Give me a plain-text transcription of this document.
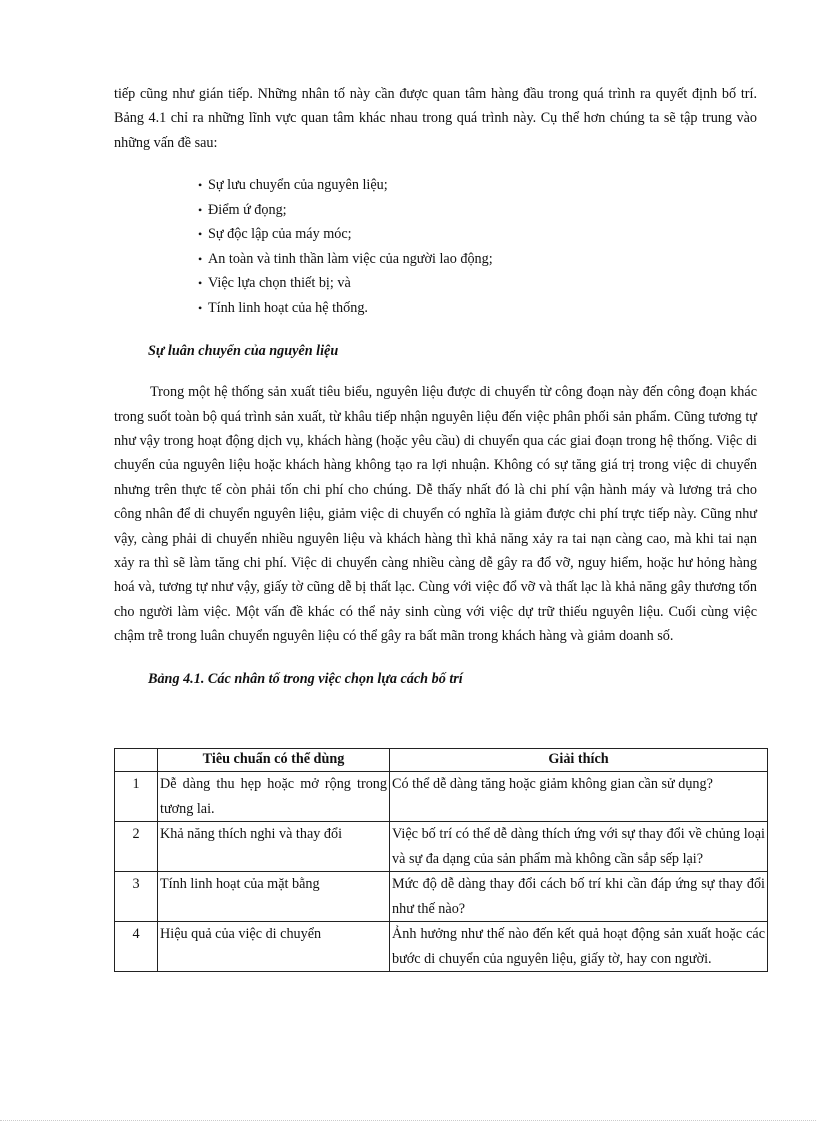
tiếp cũng như gián tiếp. Những nhân tố này cần được quan tâm hàng đầu trong quá trình ra quyết định bố trí. Bảng 4.1 chỉ ra những lĩnh vực quan tâm khác nhau trong quá trình này. Cụ thể hơn chúng ta sẽ tập trung vào những vấn đề sau:

• Sự lưu chuyển của nguyên liệu;
• Điểm ứ đọng;
• Sự độc lập của máy móc;
• An toàn và tinh thần làm việc của người lao động;
• Việc lựa chọn thiết bị; và
• Tính linh hoạt của hệ thống.
Sự luân chuyển của nguyên liệu

Trong một hệ thống sản xuất tiêu biểu, nguyên liệu được di chuyển từ công đoạn này đến công đoạn khác trong suốt toàn bộ quá trình sản xuất, từ khâu tiếp nhận nguyên liệu đến việc phân phối sản phẩm. Cũng tương tự như vậy trong hoạt động dịch vụ, khách hàng (hoặc yêu cầu) di chuyển qua các giai đoạn trong hệ thống. Việc di chuyển của nguyên liệu hoặc khách hàng không tạo ra lợi nhuận. Không có sự tăng giá trị trong việc di chuyển nhưng trên thực tế còn phải tốn chi phí cho chúng. Dễ thấy nhất đó là chi phí vận hành máy và lương trả cho công nhân để di chuyển nguyên liệu, giảm việc di chuyển có nghĩa là giảm được chi phí trực tiếp này. Cũng như vậy, càng phải di chuyển nhiều nguyên liệu và khách hàng thì khả năng xảy ra tai nạn càng cao, mà khi tai nạn xảy ra thì sẽ làm tăng chi phí. Việc di chuyển càng nhiều càng dễ gây ra đổ vỡ, nguy hiểm, hoặc hư hỏng hàng hoá và, tương tự như vậy, giấy tờ cũng dễ bị thất lạc. Cùng với việc đổ vỡ và thất lạc là khả năng gây thương tổn cho người làm việc. Một vấn đề khác có thể nảy sinh cùng với việc dự trữ thiếu nguyên liệu. Cuối cùng việc chậm trễ trong luân chuyển nguyên liệu có thể gây ra bất mãn trong khách hàng và giảm doanh số.

Bảng 4.1. Các nhân tố trong việc chọn lựa cách bố trí
	Tiêu chuẩn có thể dùng	Giải thích
1	Dễ dàng thu hẹp hoặc mở rộng trong tương lai.	Có thể dễ dàng tăng hoặc giảm không gian cần sử dụng?
2	Khả năng thích nghi và thay đổi	Việc bố trí có thể dễ dàng thích ứng với sự thay đổi về chủng loại và sự đa dạng của sản phẩm mà không cần sắp sếp lại?
3	Tính linh hoạt của mặt bằng	Mức độ dễ dàng thay đổi cách bố trí khi cần đáp ứng sự thay đổi như thế nào?
4	Hiệu quả của việc di chuyển	Ảnh hưởng như thế nào đến kết quả hoạt động sản xuất hoặc các bước di chuyển của nguyên liệu, giấy tờ, hay con người.
